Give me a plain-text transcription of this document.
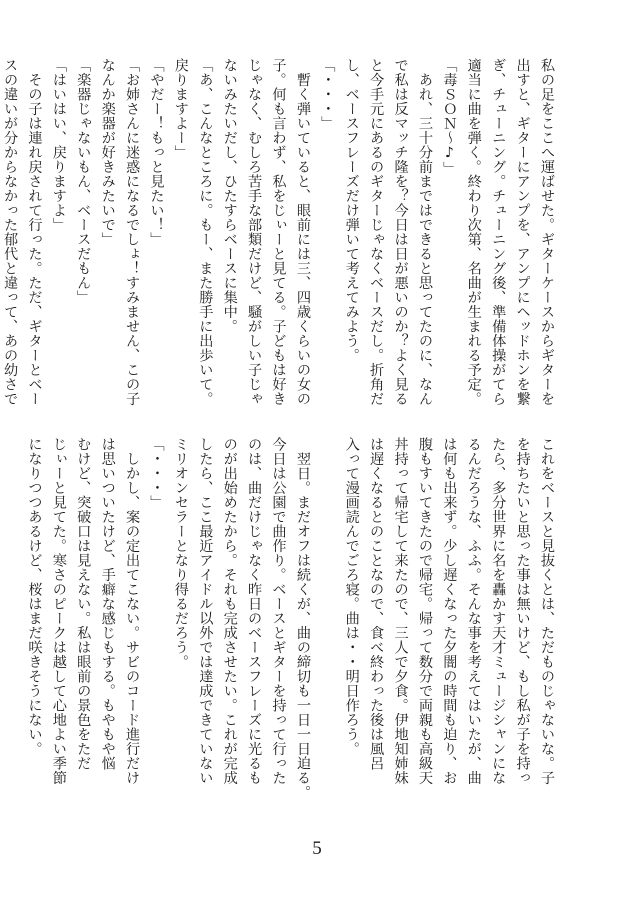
私の足をここへ運ばせた。ギターケースからギターを

出すと、ギターにアンプを、アンプにヘッドホンを繋

ぎ、チューニング。チューニング後、準備体操がてら

適当に曲を弾く。終わり次第、名曲が生まれる予定。

「毒ＳＯＮ〜♪」

　あれ、三十分前まではできると思ってたのに、なん

で私は反マッチ隆を？今日は日が悪いのか？よく見る

と今手元にあるのギターじゃなくベースだし。折角だ

し、ベースフレーズだけ弾いて考えてみよう。

「・・・」

　暫く弾いていると、眼前には三、四歳くらいの女の

子。何も言わず、私をじぃーと見てる。子どもは好き

じゃなく、むしろ苦手な部類だけど、騒がしい子じゃ

ないみたいだし、ひたすらベースに集中。

「あ、こんなところに。もー、また勝手に出歩いて。

戻りますよー」

「やだー！もっと見たい！」

「お姉さんに迷惑になるでしょ！すみません、この子

なんか楽器が好きみたいで」

「楽器じゃないもん、ベースだもん」

「はいはい、戻りますよ」

　その子は連れ戻されて行った。ただ、ギターとベー

スの違いが分からなかった郁代と違って、あの幼さで

これをベースと見抜くとは、ただものじゃないな。子

を持ちたいと思った事は無いけど、もし私が子を持っ

たら、多分世界に名を轟かす天才ミュージシャンにな

るんだろうな、ふふ。そんな事を考えてはいたが、曲

は何も出来ず。少し遅くなった夕闇の時間も迫り、お

腹もすいてきたので帰宅。帰って数分で両親も高級天

丼持って帰宅して来たので、三人で夕食。伊地知姉妹

は遅くなるとのことなので、食べ終わった後は風呂

入って漫画読んでごろ寝。曲は・・明日作ろう。

　翌日。まだオフは続くが、曲の締切も一日一日迫る。

今日は公園で曲作り。ベースとギターを持って行った

のは、曲だけじゃなく昨日のベースフレーズに光るも

のが出始めたから。それも完成させたい。これが完成

したら、ここ最近アイドル以外では達成できていない

ミリオンセラーとなり得るだろう。

「・・・」

　しかし、案の定出てこない。サビのコード進行だけ

は思いついたけど、手癖な感じもする。もやもや悩

むけど、突破口は見えない。私は眼前の景色をただ

じぃーと見てた。寒さのピークは越して心地よい季節

になりつつあるけど、桜はまだ咲きそうにない。

5
